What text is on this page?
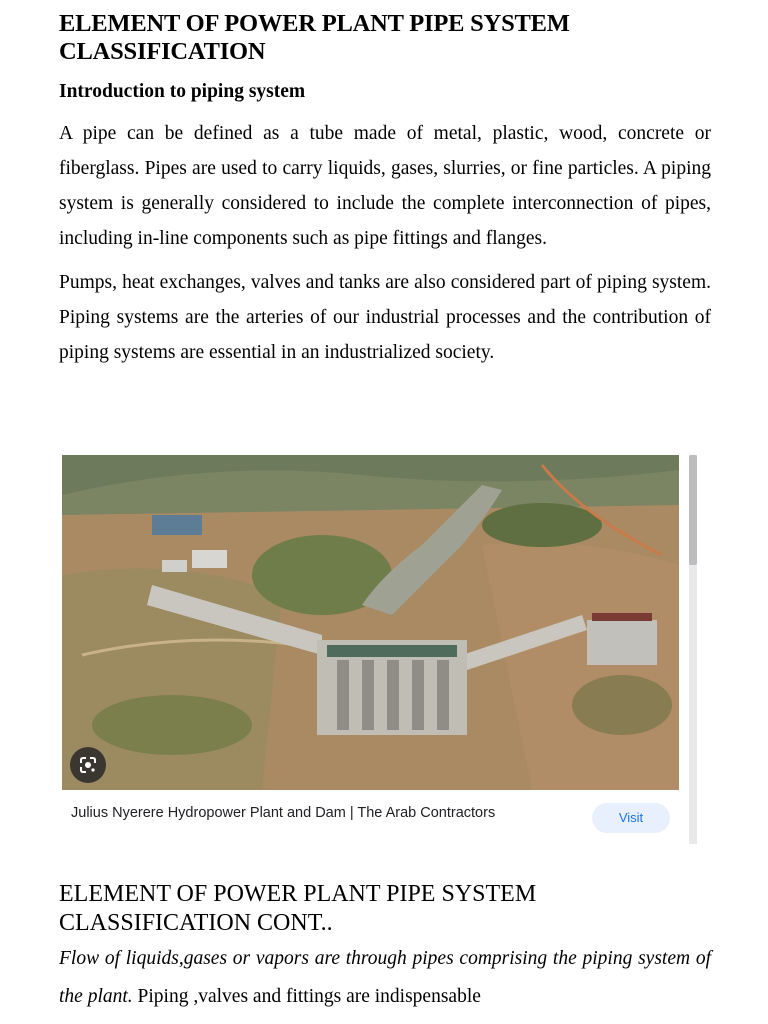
ELEMENT OF POWER PLANT PIPE SYSTEM CLASSIFICATION
Introduction to piping system

A pipe can be defined as a tube made of metal, plastic, wood, concrete or fiberglass. Pipes are used to carry liquids, gases, slurries, or fine particles. A piping system is generally considered to include the complete interconnection of pipes, including in-line components such as pipe fittings and flanges.

Pumps, heat exchanges, valves and tanks are also considered part of piping system. Piping systems are the arteries of our industrial processes and the contribution of piping systems are essential in an industrialized society.

ELEMENT OF POWER PLANT PIPE SYSTEM CLASSIFICATION CONT..

Flow of liquids,gases or vapors are through pipes comprising the piping system of the plant. Piping ,valves and fittings are indispensable

Julius Nyerere Hydropower Plant and Dam | The Arab Contractors	Visit
